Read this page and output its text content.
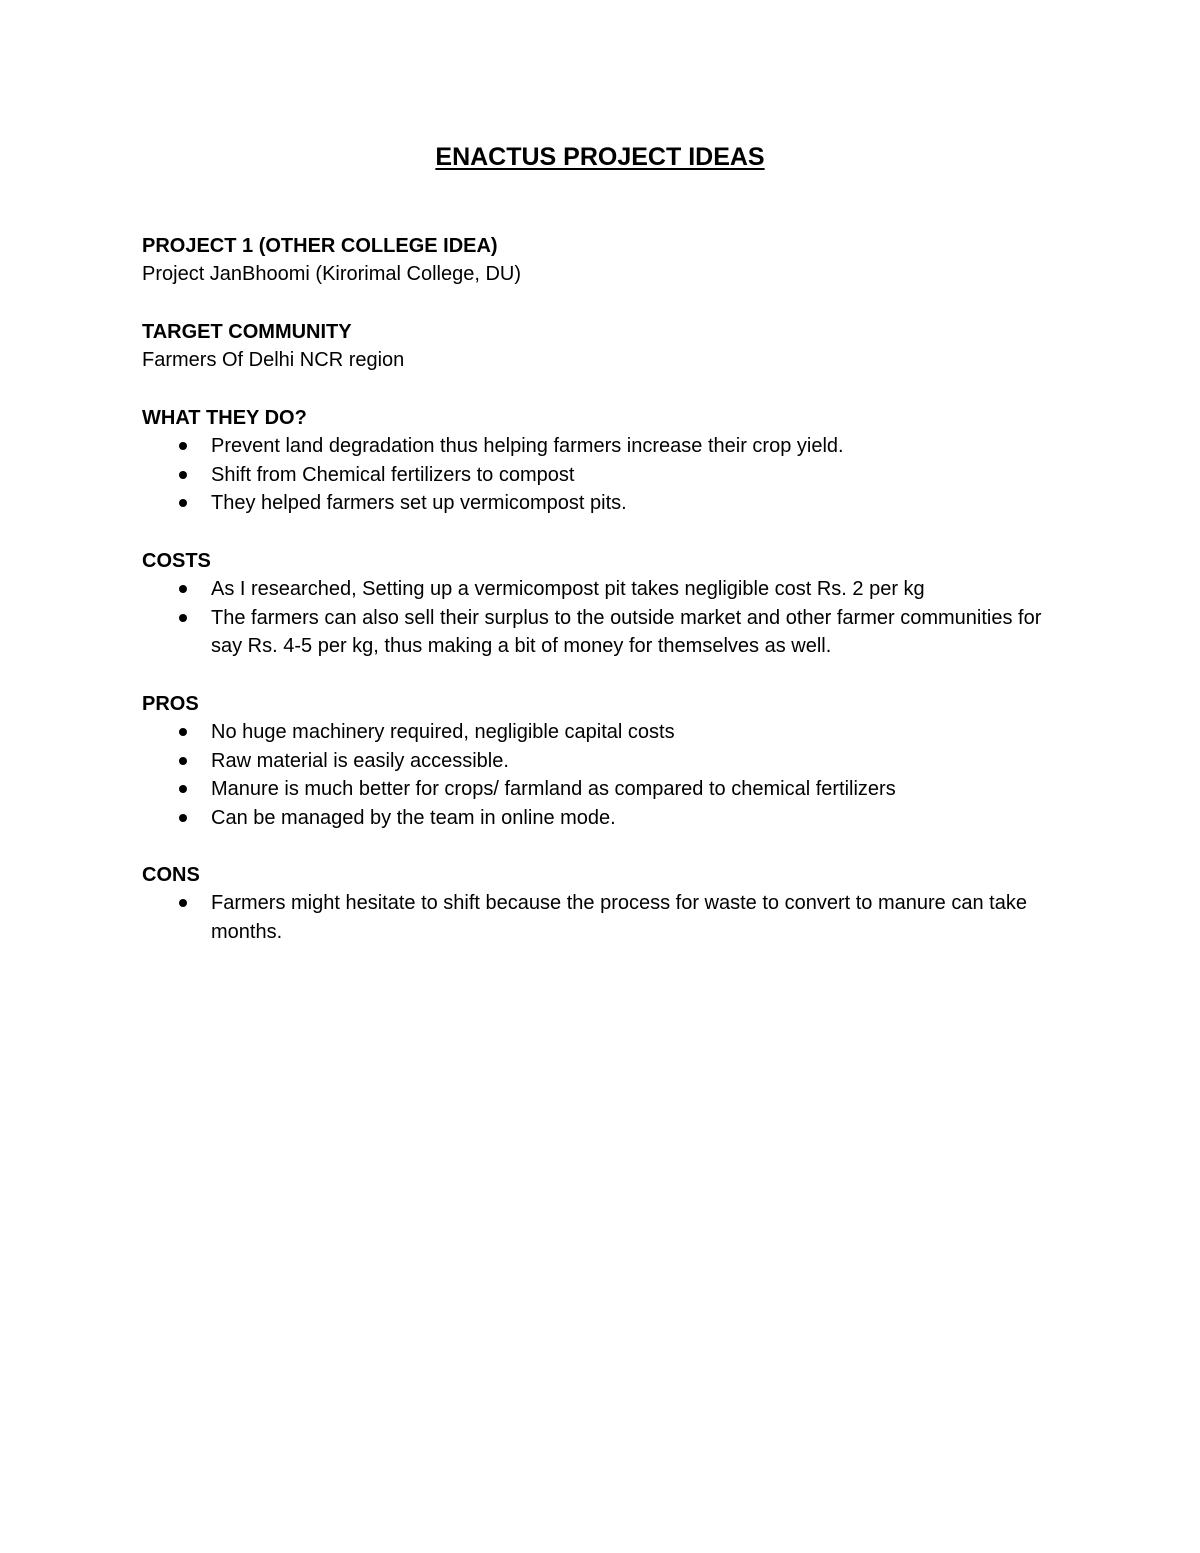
ENACTUS PROJECT IDEAS

PROJECT 1 (OTHER COLLEGE IDEA)

Project JanBhoomi (Kirorimal College, DU)

TARGET COMMUNITY

Farmers Of Delhi NCR region

WHAT THEY DO?

Prevent land degradation thus helping farmers increase their crop yield.
Shift from Chemical fertilizers to compost
They helped farmers set up vermicompost pits.

COSTS

As I researched, Setting up a vermicompost pit takes negligible cost Rs. 2 per kg
The farmers can also sell their surplus to the outside market and other farmer communities for say Rs. 4-5 per kg, thus making a bit of money for themselves as well.

PROS

No huge machinery required, negligible capital costs
Raw material is easily accessible.
Manure is much better for crops/ farmland as compared to chemical fertilizers
Can be managed by the team in online mode.

CONS

Farmers might hesitate to shift because the process for waste to convert to manure can take months.
